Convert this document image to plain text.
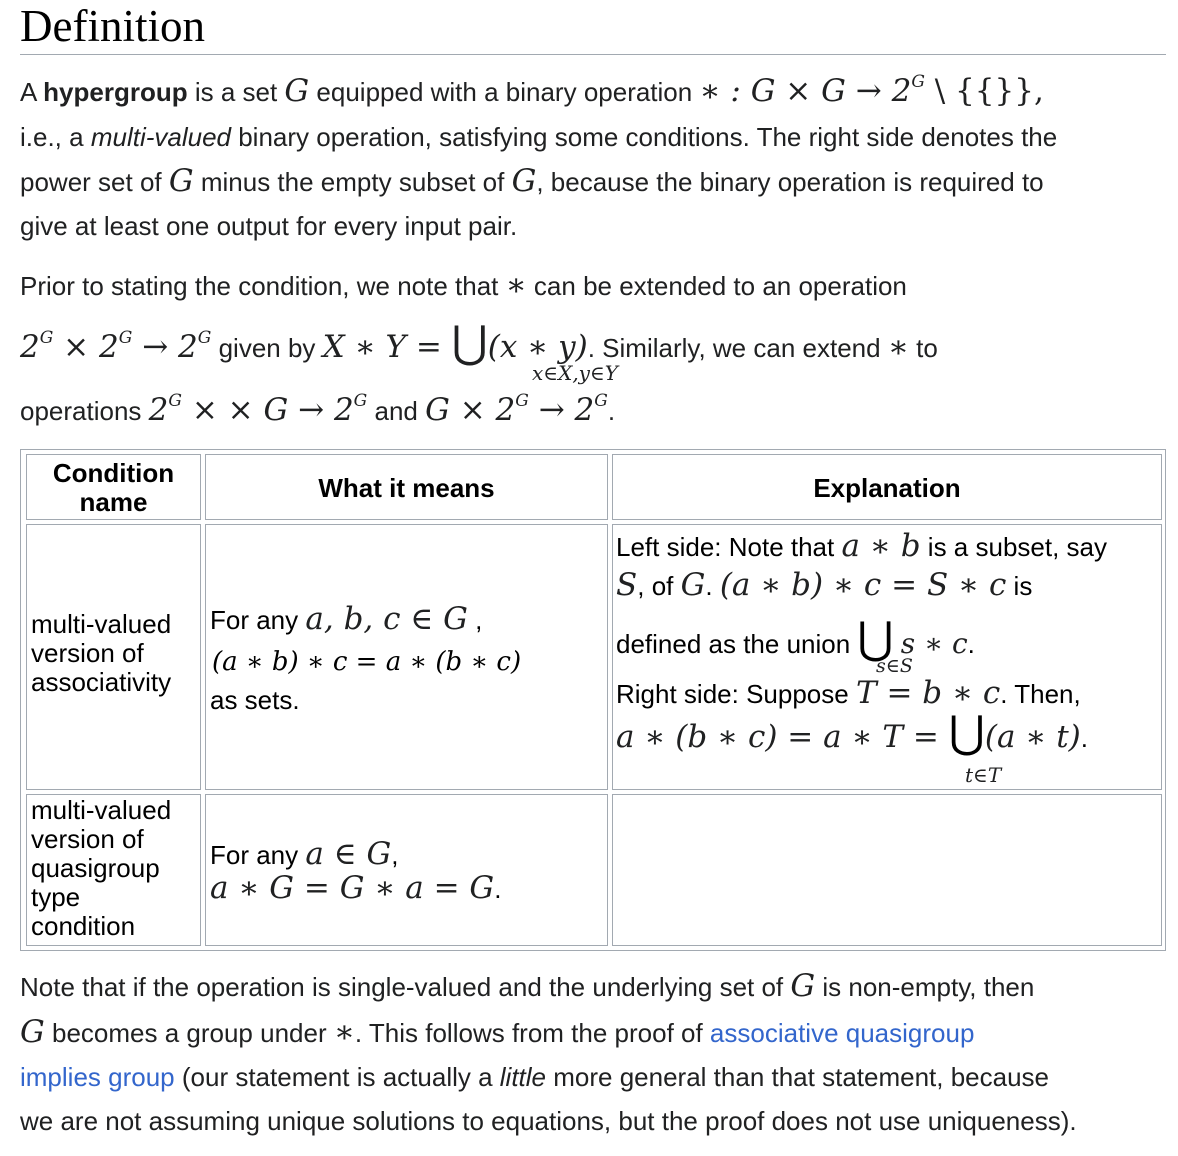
Definition
A hypergroup is a set G equipped with a binary operation ∗ : $G \times G \to 2^G$ \ {{}},
i.e., a multi-valued binary operation, satisfying some conditions. The right side denotes the
power set of G minus the empty subset of G, because the binary operation is required to
give at least one output for every input pair.
Prior to stating the condition, we note that ∗ can be extended to an operation
$2^G \times 2^G \to 2^G$ given by X ∗ Y = ⋃(x ∗ y). Similarly, we can extend ∗ to
x∈X,y∈Y
operations $2^G$ × × $G \to 2^G$ and $G \times 2^G \to 2^G$.
Condition name	What it means	Explanation
multi-valued
version of
associativity
For any a, b, c ∈ G ,
(a ∗ b) ∗ c = a ∗ (b ∗ c)
as sets.
Left side: Note that a ∗ b is a subset, say
S, of G. (a ∗ b) ∗ c = S ∗ c is
defined as the union ⋃ s ∗ c.
s∈S
Right side: Suppose T = b ∗ c. Then,
a ∗ (b ∗ c) = a ∗ T = ⋃(a ∗ t).
t∈T
multi-valued
version of
quasigroup
type
condition
For any a ∈ G,
a ∗ G = G ∗ a = G.
Note that if the operation is single-valued and the underlying set of G is non-empty, then
G becomes a group under ∗. This follows from the proof of associative quasigroup
implies group (our statement is actually a little more general than that statement, because
we are not assuming unique solutions to equations, but the proof does not use uniqueness).
